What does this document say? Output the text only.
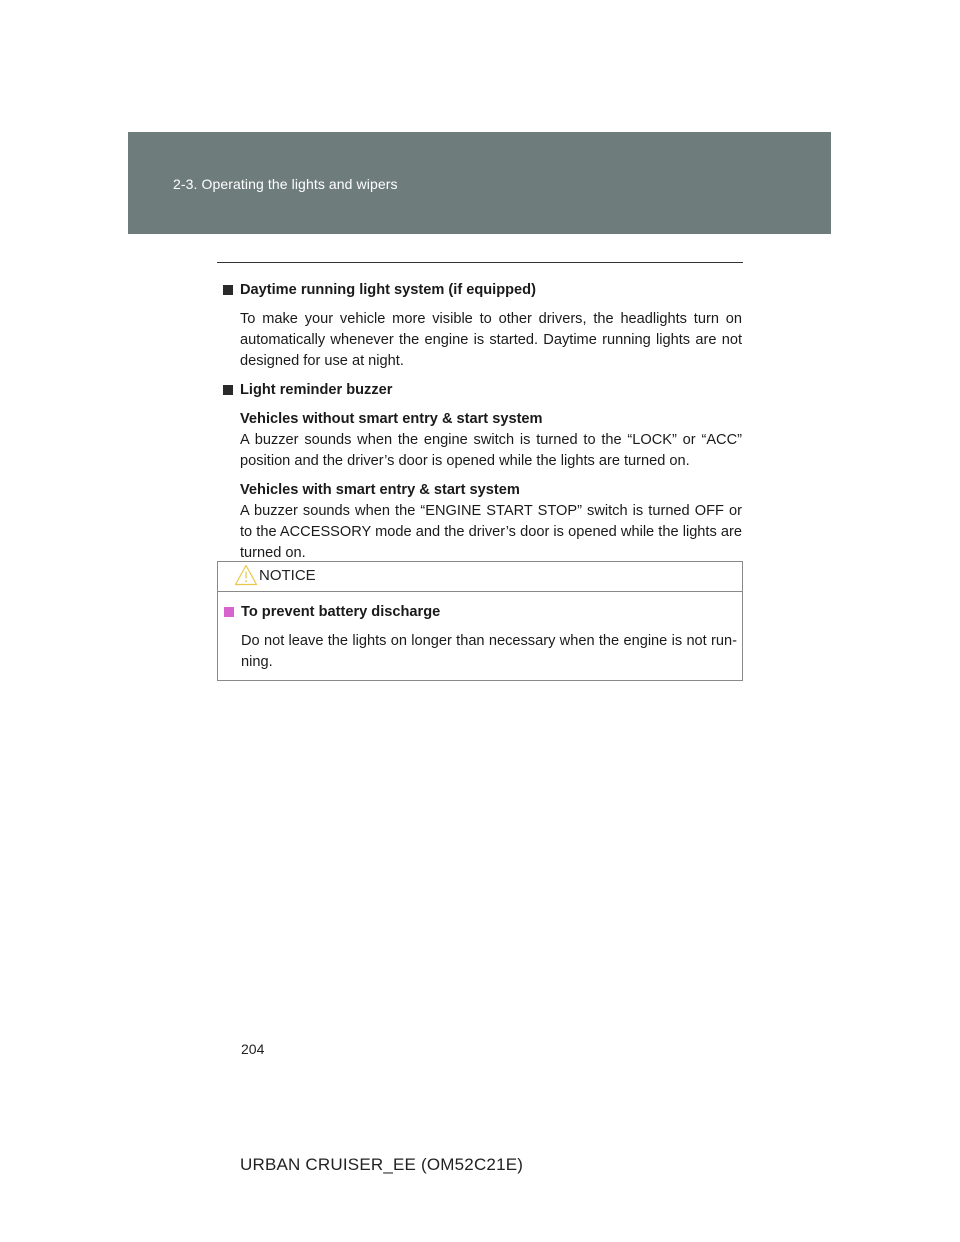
2-3. Operating the lights and wipers
Daytime running light system (if equipped)

To make your vehicle more visible to other drivers, the headlights turn on automatically whenever the engine is started. Daytime running lights are not designed for use at night.

Light reminder buzzer
Vehicles without smart entry & start system
A buzzer sounds when the engine switch is turned to the “LOCK” or “ACC” position and the driver’s door is opened while the lights are turned on.
Vehicles with smart entry & start system
A buzzer sounds when the “ENGINE START STOP” switch is turned OFF or to the ACCESSORY mode and the driver’s door is opened while the lights are turned on.
NOTICE
To prevent battery discharge

Do not leave the lights on longer than necessary when the engine is not run-ning.

204
URBAN CRUISER_EE (OM52C21E)
